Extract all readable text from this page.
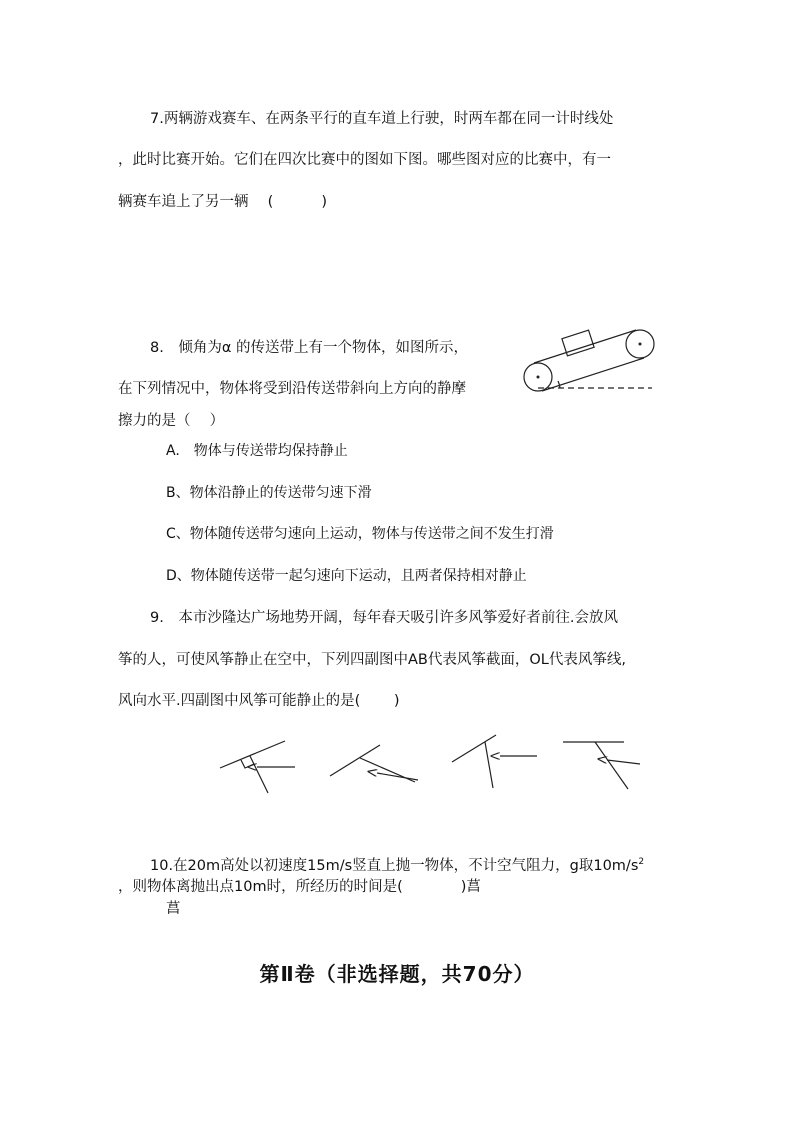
7.两辆游戏赛车、在两条平行的直车道上行驶，时两车都在同一计时线处
，此时比赛开始。它们在四次比赛中的图如下图。哪些图对应的比赛中，有一
辆赛车追上了另一辆　 (　　 　)
8.　倾角为α 的传送带上有一个物体，如图所示，
在下列情况中，物体将受到沿传送带斜向上方向的静摩
擦力的是（　 ）
A.　物体与传送带均保持静止
B、物体沿静止的传送带匀速下滑
C、物体随传送带匀速向上运动，物体与传送带之间不发生打滑
D、物体随传送带一起匀速向下运动，且两者保持相对静止
9.　本市沙隆达广场地势开阔，每年春天吸引许多风筝爱好者前往.会放风
筝的人，可使风筝静止在空中，下列四副图中AB代表风筝截面，OL代表风筝线,
风向水平.四副图中风筝可能静止的是(　　 )
10.在20m高处以初速度15m/s竖直上抛一物体，不计空气阻力，g取$10m/s^2$
，则物体离抛出点10m时，所经历的时间是(　　　　)菖
菖
第Ⅱ卷（非选择题，共70分）
